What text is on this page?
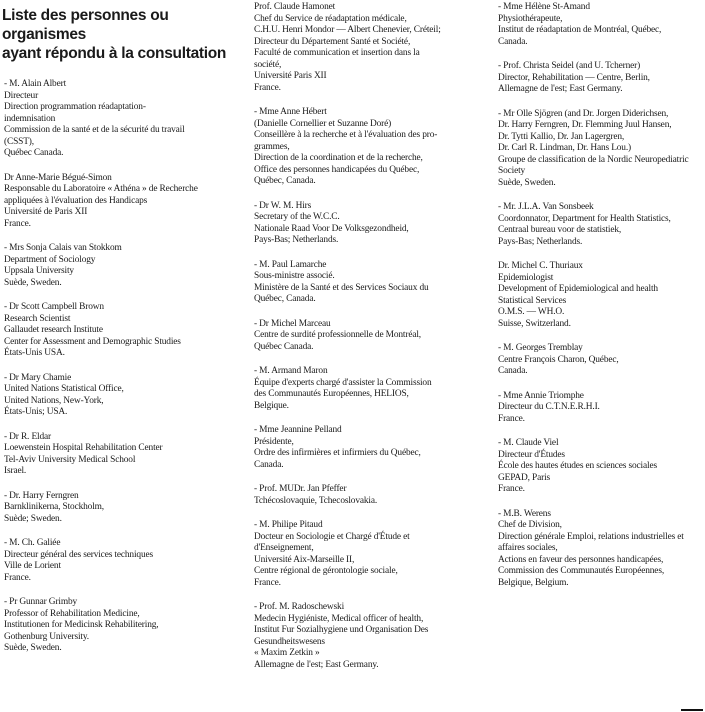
Liste des personnes ou organismes
ayant répondu à la consultation
- M. Alain Albert
Directeur
Direction programmation réadaptation-
indemnisation
Commission de la santé et de la sécurité du travail
(CSST),
Québec Canada.
Dr Anne-Marie Bégué-Simon
Responsable du Laboratoire « Athéna » de Recherche
appliquées à l'évaluation des Handicaps
Université de Paris XII
France.
- Mrs Sonja Calais van Stokkom
Department of Sociology
Uppsala University
Suède, Sweden.
- Dr Scott Campbell Brown
Research Scientist
Gallaudet research Institute
Center for Assessment and Demographic Studies
États-Unis USA.
- Dr Mary Chamie
United Nations Statistical Office,
United Nations, New-York,
États-Unis; USA.
- Dr R. Eldar
Loewenstein Hospital Rehabilitation Center
Tel-Aviv University Medical School
Israel.
- Dr. Harry Ferngren
Barnklinikerna, Stockholm,
Suède; Sweden.
- M. Ch. Galiée
Directeur général des services techniques
Ville de Lorient
France.
- Pr Gunnar Grimby
Professor of Rehabilitation Medicine,
Institutionen for Medicinsk Rehabilitering,
Gothenburg University.
Suède, Sweden.
Prof. Claude Hamonet
Chef du Service de réadaptation médicale,
C.H.U. Henri Mondor — Albert Chenevier, Créteil;
Directeur du Département Santé et Société,
Faculté de communication et insertion dans la
société,
Université Paris XII
France.
- Mme Anne Hébert
(Danielle Cornellier et Suzanne Doré)
Conseillère à la recherche et à l'évaluation des pro-
grammes,
Direction de la coordination et de la recherche,
Office des personnes handicapées du Québec,
Québec, Canada.
- Dr W. M. Hirs
Secretary of the W.C.C.
Nationale Raad Voor De Volksgezondheid,
Pays-Bas; Netherlands.
- M. Paul Lamarche
Sous-ministre associé.
Ministère de la Santé et des Services Sociaux du
Québec, Canada.
- Dr Michel Marceau
Centre de surdité professionnelle de Montréal,
Québec Canada.
- M. Armand Maron
Équipe d'experts chargé d'assister la Commission
des Communautés Européennes, HELIOS,
Belgique.
- Mme Jeannine Pelland
Présidente,
Ordre des infirmières et infirmiers du Québec,
Canada.
- Prof. MUDr. Jan Pfeffer
Tchécoslovaquie, Tchecoslovakia.
- M. Philipe Pitaud
Docteur en Sociologie et Chargé d'Étude et
d'Enseignement,
Université Aix-Marseille II,
Centre régional de gérontologie sociale,
France.
- Prof. M. Radoschewski
Medecin Hygiéniste, Medical officer of health,
Institut Fur Sozialhygiene und Organisation Des
Gesundheitswesens
« Maxim Zetkin »
Allemagne de l'est; East Germany.
- Mme Hélène St-Amand
Physiothérapeute,
Institut de réadaptation de Montréal, Québec,
Canada.
- Prof. Christa Seidel (and U. Tcherner)
Director, Rehabilitation — Centre, Berlin,
Allemagne de l'est; East Germany.
- Mr Olle Sjögren (and Dr. Jorgen Diderichsen,
Dr. Harry Ferngren, Dr. Flemming Juul Hansen,
Dr. Tytti Kallio, Dr. Jan Lagergren,
Dr. Carl R. Lindman, Dr. Hans Lou.)
Groupe de classification de la Nordic Neuropediatric
Society
Suède, Sweden.
- Mr. J.L.A. Van Sonsbeek
Coordonnator, Department for Health Statistics,
Centraal bureau voor de statistiek,
Pays-Bas; Netherlands.
Dr. Michel C. Thuriaux
Epidemiologist
Development of Epidemiological and health
Statistical Services
O.M.S. — WH.O.
Suisse, Switzerland.
- M. Georges Tremblay
Centre François Charon, Québec,
Canada.
- Mme Annie Triomphe
Directeur du C.T.N.E.R.H.I.
France.
- M. Claude Viel
Directeur d'Études
École des hautes études en sciences sociales
GEPAD, Paris
France.
- M.B. Werens
Chef de Division,
Direction générale Emploi, relations industrielles et
affaires sociales,
Actions en faveur des personnes handicapées,
Commission des Communautés Européennes,
Belgique, Belgium.
